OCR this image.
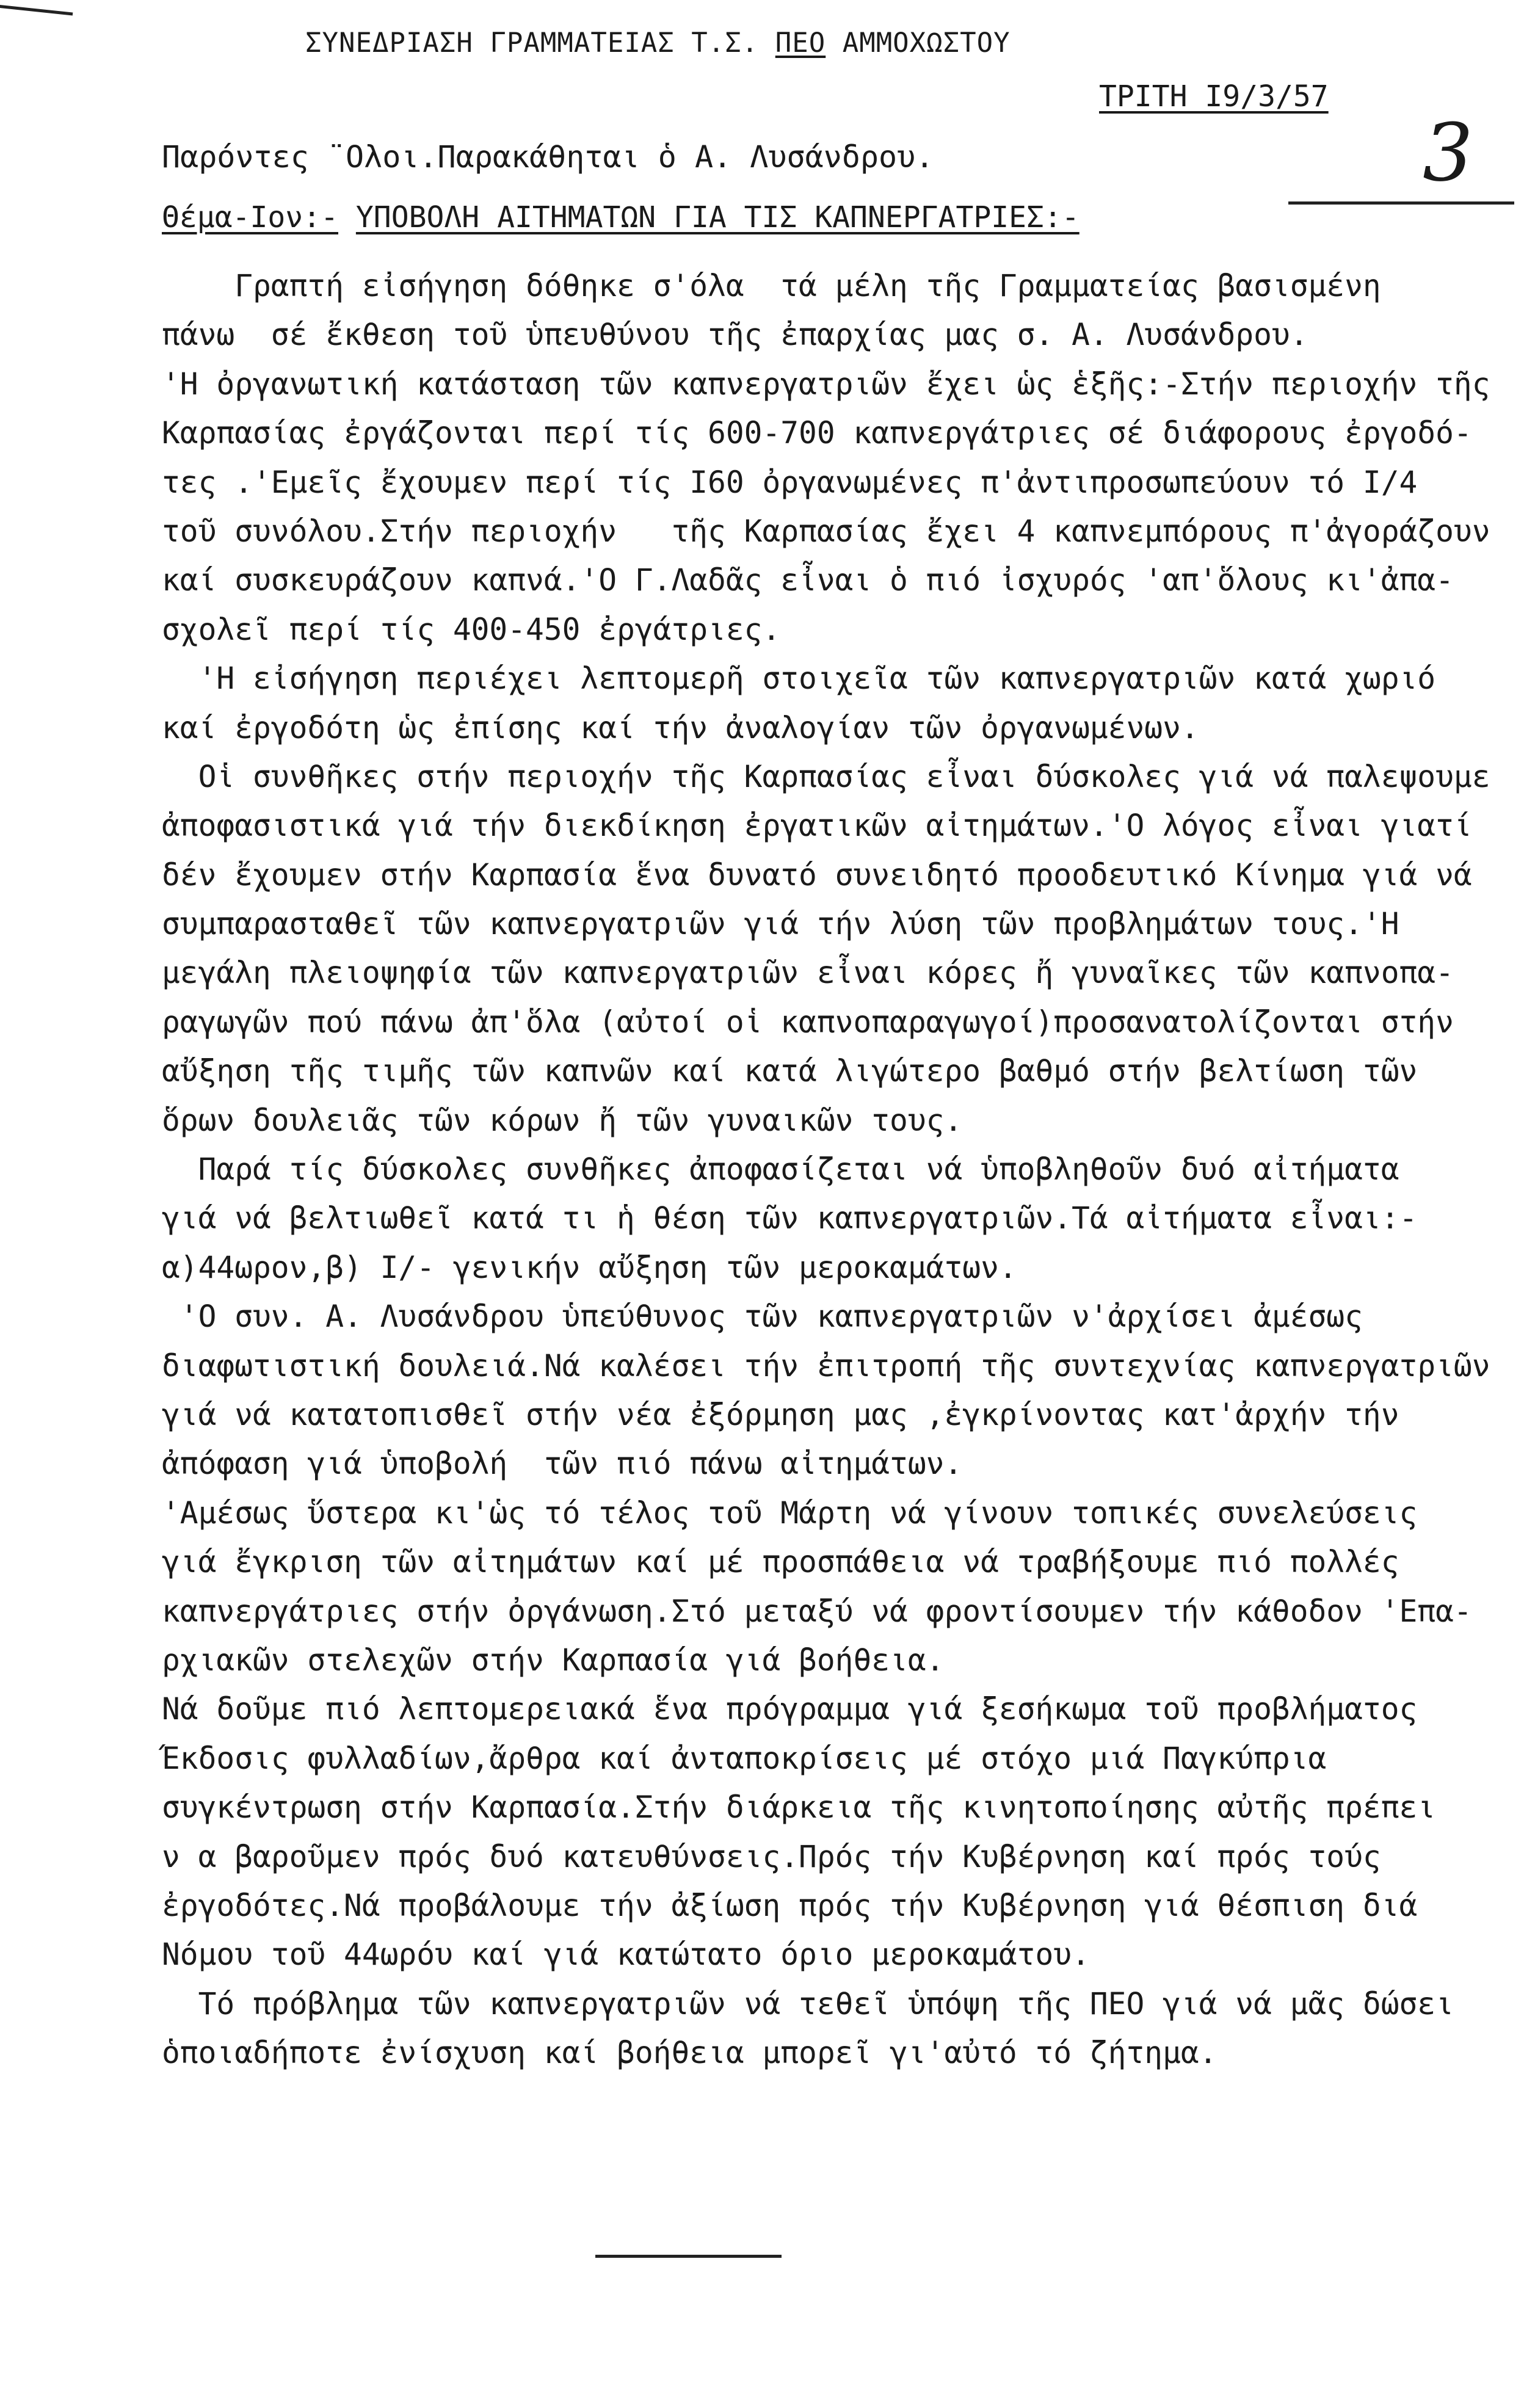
ΣΥΝΕΔΡΙΑΣΗ ΓΡΑΜΜΑΤΕΙΑΣ Τ.Σ. ΠΕΟ ΑΜΜΟΧΩΣΤΟΥ
ΤΡΙΤΗ I9/3/57
3
Παρόντες ¨Ολοι.Παρακάθηται ὁ Α. Λυσάνδρου.
Θέμα-Ιον:- ΥΠΟΒΟΛΗ ΑΙΤΗΜΑΤΩΝ ΓΙΑ ΤΙΣ ΚΑΠΝΕΡΓΑΤΡΙΕΣ:-
Γραπτή εἰσήγηση δόθηκε σ'όλα  τά μέλη τῆς Γραμματείας βασισμένη
πάνω  σέ ἔκθεση τοῦ ὑπευθύνου τῆς ἐπαρχίας μας σ. Α. Λυσάνδρου.
'Η ὀργανωτική κατάσταση τῶν καπνεργατριῶν ἔχει ὡς ἑξῆς:-Στήν περιοχήν τῆς
Καρπασίας ἐργάζονται περί τίς 600-700 καπνεργάτριες σέ διάφορους ἐργοδό-
τες .'Εμεῖς ἔχουμεν περί τίς I60 ὀργανωμένες π'ἀντιπροσωπεύουν τό I/4
τοῦ συνόλου.Στήν περιοχήν   τῆς Καρπασίας ἔχει 4 καπνεμπόρους π'ἀγοράζουν
καί συσκευράζουν καπνά.'Ο Γ.Λαδᾶς εἶναι ὁ πιό ἰσχυρός 'απ'ὅλους κι'ἀπα-
σχολεῖ περί τίς 400-450 ἐργάτριες.
'Η εἰσήγηση περιέχει λεπτομερῆ στοιχεῖα τῶν καπνεργατριῶν κατά χωριό
καί ἐργοδότη ὡς ἐπίσης καί τήν ἀναλογίαν τῶν ὀργανωμένων.
Οἱ συνθῆκες στήν περιοχήν τῆς Καρπασίας εἶναι δύσκολες γιά νά παλεψουμε
ἀποφασιστικά γιά τήν διεκδίκηση ἐργατικῶν αἰτημάτων.'Ο λόγος εἶναι γιατί
δέν ἔχουμεν στήν Καρπασία ἕνα δυνατό συνειδητό προοδευτικό Κίνημα γιά νά
συμπαρασταθεῖ τῶν καπνεργατριῶν γιά τήν λύση τῶν προβλημάτων τους.'Η
μεγάλη πλειοψηφία τῶν καπνεργατριῶν εἶναι κόρες ἤ γυναῖκες τῶν καπνοπα-
ραγωγῶν πού πάνω ἀπ'ὅλα (αὐτοί οἱ καπνοπαραγωγοί)προσανατολίζονται στήν
αὔξηση τῆς τιμῆς τῶν καπνῶν καί κατά λιγώτερο βαθμό στήν βελτίωση τῶν
ὅρων δουλειᾶς τῶν κόρων ἤ τῶν γυναικῶν τους.
Παρά τίς δύσκολες συνθῆκες ἀποφασίζεται νά ὑποβληθοῦν δυό αἰτήματα
γιά νά βελτιωθεῖ κατά τι ἡ θέση τῶν καπνεργατριῶν.Τά αἰτήματα εἶναι:-
α)44ωρον,β) I/- γενικήν αὔξηση τῶν μεροκαμάτων.
'Ο συν. Α. Λυσάνδρου ὑπεύθυνος τῶν καπνεργατριῶν ν'ἀρχίσει ἀμέσως
διαφωτιστική δουλειά.Νά καλέσει τήν ἐπιτροπή τῆς συντεχνίας καπνεργατριῶν
γιά νά κατατοπισθεῖ στήν νέα ἐξόρμηση μας ,ἐγκρίνοντας κατ'ἀρχήν τήν
ἀπόφαση γιά ὑποβολή  τῶν πιό πάνω αἰτημάτων.
'Αμέσως ὕστερα κι'ὡς τό τέλος τοῦ Μάρτη νά γίνουν τοπικές συνελεύσεις
γιά ἔγκριση τῶν αἰτημάτων καί μέ προσπάθεια νά τραβήξουμε πιό πολλές
καπνεργάτριες στήν ὀργάνωση.Στό μεταξύ νά φροντίσουμεν τήν κάθοδον 'Επα-
ρχιακῶν στελεχῶν στήν Καρπασία γιά βοήθεια.
Νά δοῦμε πιό λεπτομερειακά ἕνα πρόγραμμα γιά ξεσήκωμα τοῦ προβλήματος
Έκδοσις φυλλαδίων,ἄρθρα καί ἀνταποκρίσεις μέ στόχο μιά Παγκύπρια
συγκέντρωση στήν Καρπασία.Στήν διάρκεια τῆς κινητοποίησης αὐτῆς πρέπει
ν α βαροῦμεν πρός δυό κατευθύνσεις.Πρός τήν Κυβέρνηση καί πρός τούς
ἐργοδότες.Νά προβάλουμε τήν ἀξίωση πρός τήν Κυβέρνηση γιά θέσπιση διά
Νόμου τοῦ 44ωρόυ καί γιά κατώτατο όριο μεροκαμάτου.
Τό πρόβλημα τῶν καπνεργατριῶν νά τεθεῖ ὑπόψη τῆς ΠΕΟ γιά νά μᾶς δώσει
ὁποιαδήποτε ἐνίσχυση καί βοήθεια μπορεῖ γι'αὐτό τό ζήτημα.
